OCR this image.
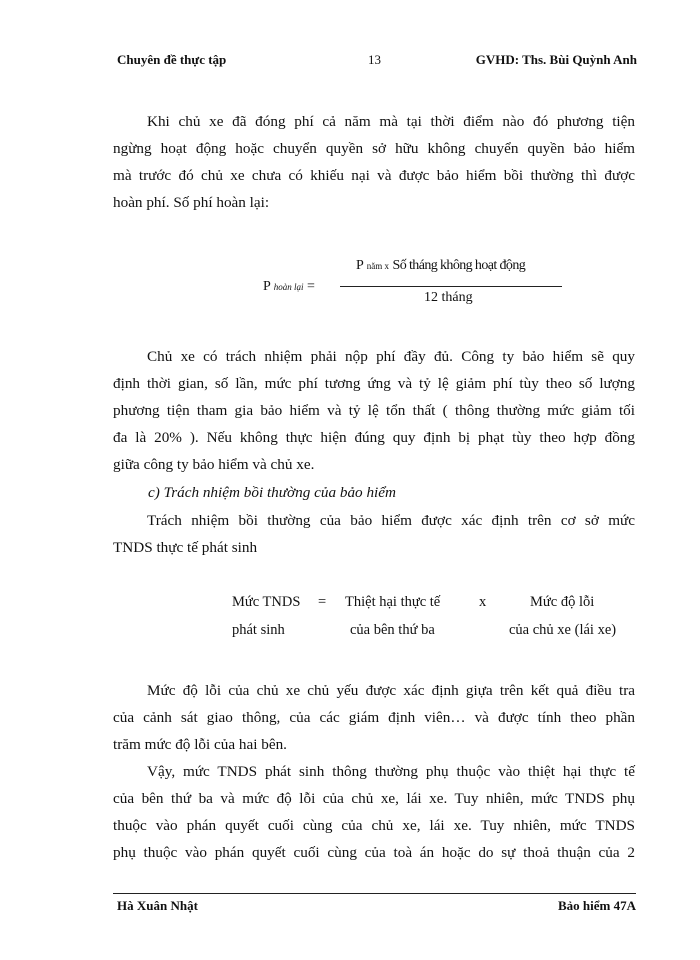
Chuyên đề thực tập	13	GVHD: Ths. Bùi Quỳnh Anh
Khi chủ xe đã đóng phí cả năm mà tại thời điểm nào đó phương tiện
ngừng hoạt động hoặc chuyển quyền sở hữu không chuyển quyền bảo hiểm
mà trước đó chủ xe chưa có khiếu nại và được bảo hiểm bồi thường thì được
hoàn phí. Số phí hoàn lại:
P hoàn lại =
P năm x Số tháng không hoạt động
12 tháng
Chủ xe có trách nhiệm phải nộp phí đầy đủ. Công ty bảo hiểm sẽ quy
định thời gian, số lần, mức phí tương ứng và tỷ lệ giảm phí tùy theo số lượng
phương tiện tham gia bảo hiểm và tỷ lệ tổn thất ( thông thường mức giảm tối
đa là 20% ). Nếu không thực hiện đúng quy định bị phạt tùy theo hợp đồng
giữa công ty bảo hiểm và chủ xe.
c) Trách nhiệm bồi thường của bảo hiểm
Trách nhiệm bồi thường của bảo hiểm được xác định trên cơ sở mức
TNDS thực tế phát sinh
Mức TNDS = Thiệt hại thực tế	x	Mức độ lỗi
phát sinh	của bên thứ ba	của chủ xe (lái xe)
Mức độ lỗi của chủ xe chủ yếu được xác định giựa trên kết quả điều tra
của cảnh sát giao thông, của các giám định viên… và được tính theo phần
trăm mức độ lỗi của hai bên.
Vậy, mức TNDS phát sinh thông thường phụ thuộc vào thiệt hại thực tế
của bên thứ ba và mức độ lỗi của chủ xe, lái xe. Tuy nhiên, mức TNDS phụ
thuộc vào phán quyết cuối cùng của chủ xe, lái xe. Tuy nhiên, mức TNDS
phụ thuộc vào phán quyết cuối cùng của toà án hoặc do sự thoả thuận của 2
Hà Xuân Nhật	Bảo hiểm 47A
